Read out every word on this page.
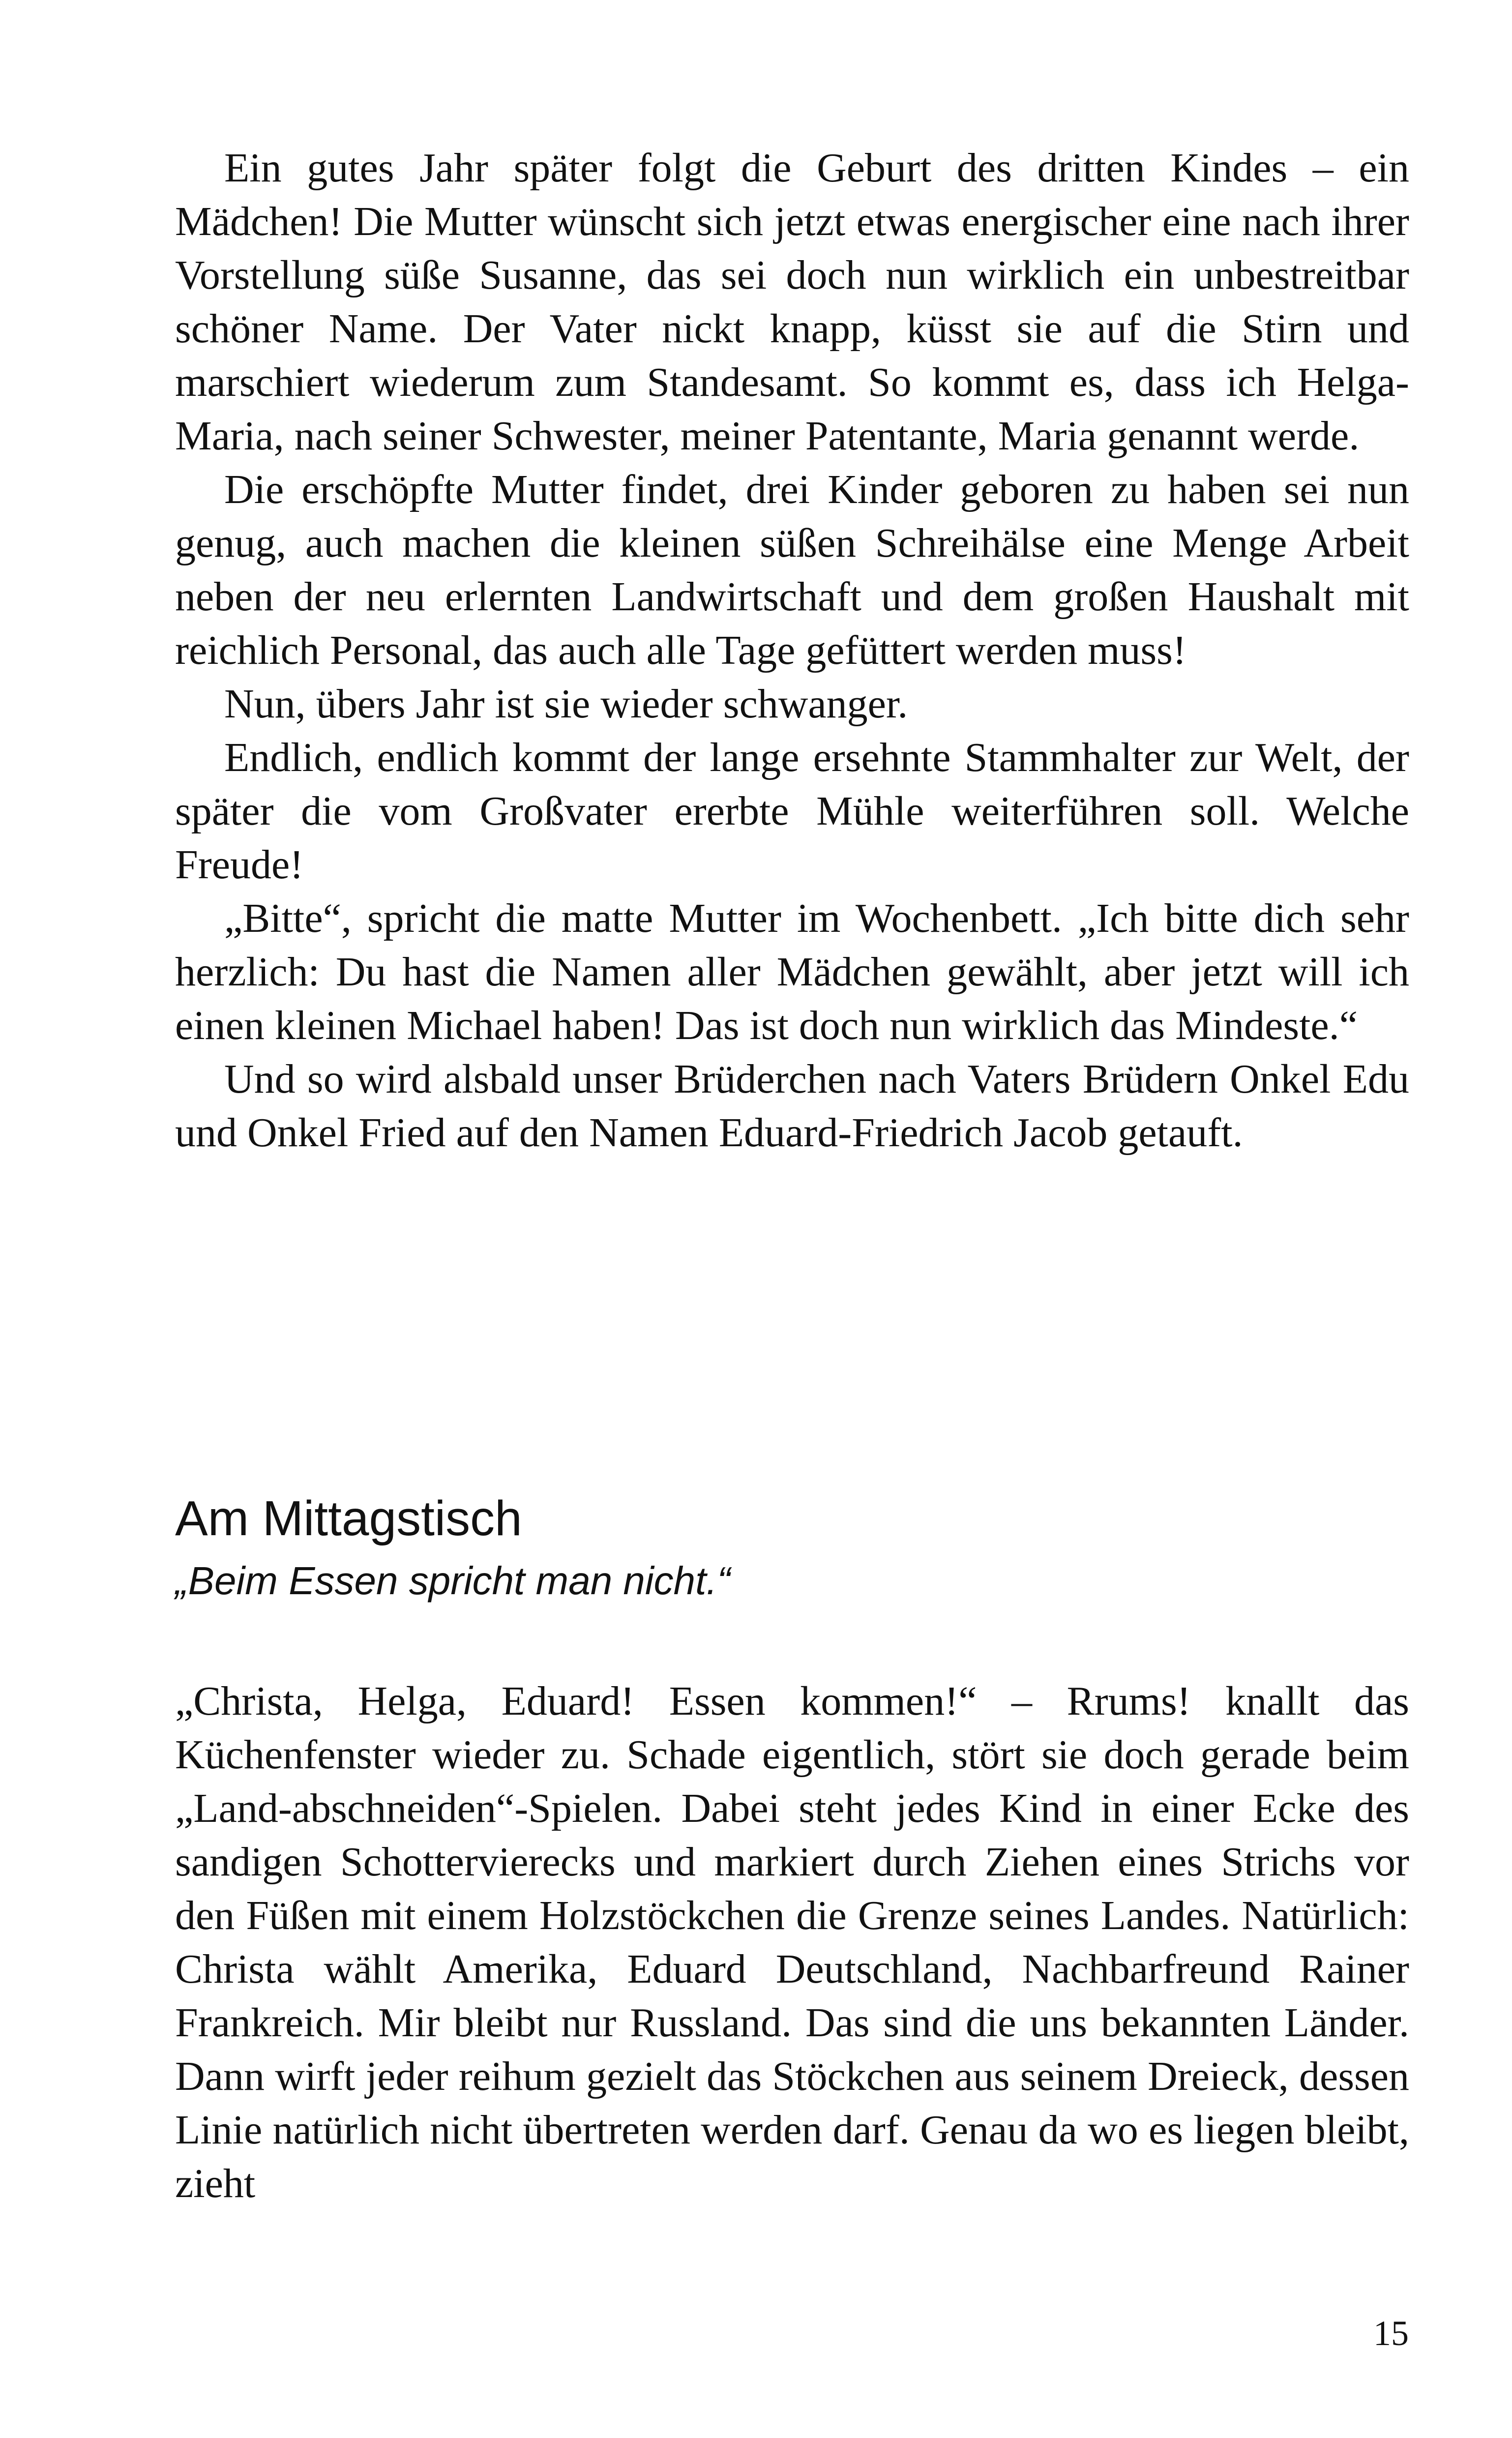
Ein gutes Jahr später folgt die Geburt des dritten Kindes – ein Mädchen! Die Mutter wünscht sich jetzt etwas energischer eine nach ihrer Vorstellung süße Susanne, das sei doch nun wirklich ein unbestreitbar schöner Name. Der Vater nickt knapp, küsst sie auf die Stirn und marschiert wiederum zum Standesamt. So kommt es, dass ich Helga-Maria, nach seiner Schwester, meiner Patentante, Maria genannt werde.

Die erschöpfte Mutter findet, drei Kinder geboren zu haben sei nun genug, auch machen die kleinen süßen Schreihälse eine Menge Arbeit neben der neu erlernten Landwirtschaft und dem großen Haushalt mit reichlich Personal, das auch alle Tage gefüttert werden muss!

Nun, übers Jahr ist sie wieder schwanger.

Endlich, endlich kommt der lange ersehnte Stammhalter zur Welt, der später die vom Großvater ererbte Mühle weiterführen soll. Welche Freude!

„Bitte“, spricht die matte Mutter im Wochenbett. „Ich bitte dich sehr herzlich: Du hast die Namen aller Mädchen gewählt, aber jetzt will ich einen kleinen Michael haben! Das ist doch nun wirklich das Mindeste.“

Und so wird alsbald unser Brüderchen nach Vaters Brüdern Onkel Edu und Onkel Fried auf den Namen Eduard-Friedrich Jacob getauft.

Am Mittagstisch
„Beim Essen spricht man nicht.“

„Christa, Helga, Eduard! Essen kommen!“ – Rrums! knallt das Küchenfenster wieder zu. Schade eigentlich, stört sie doch gerade beim „Land-abschneiden“-Spielen. Dabei steht jedes Kind in einer Ecke des sandigen Schottervierecks und markiert durch Ziehen eines Strichs vor den Füßen mit einem Holzstöckchen die Grenze seines Landes. Natürlich: Christa wählt Amerika, Eduard Deutschland, Nachbarfreund Rainer Frankreich. Mir bleibt nur Russland. Das sind die uns bekannten Länder. Dann wirft jeder reihum gezielt das Stöckchen aus seinem Dreieck, dessen Linie natürlich nicht übertreten werden darf. Genau da wo es liegen bleibt, zieht

15
